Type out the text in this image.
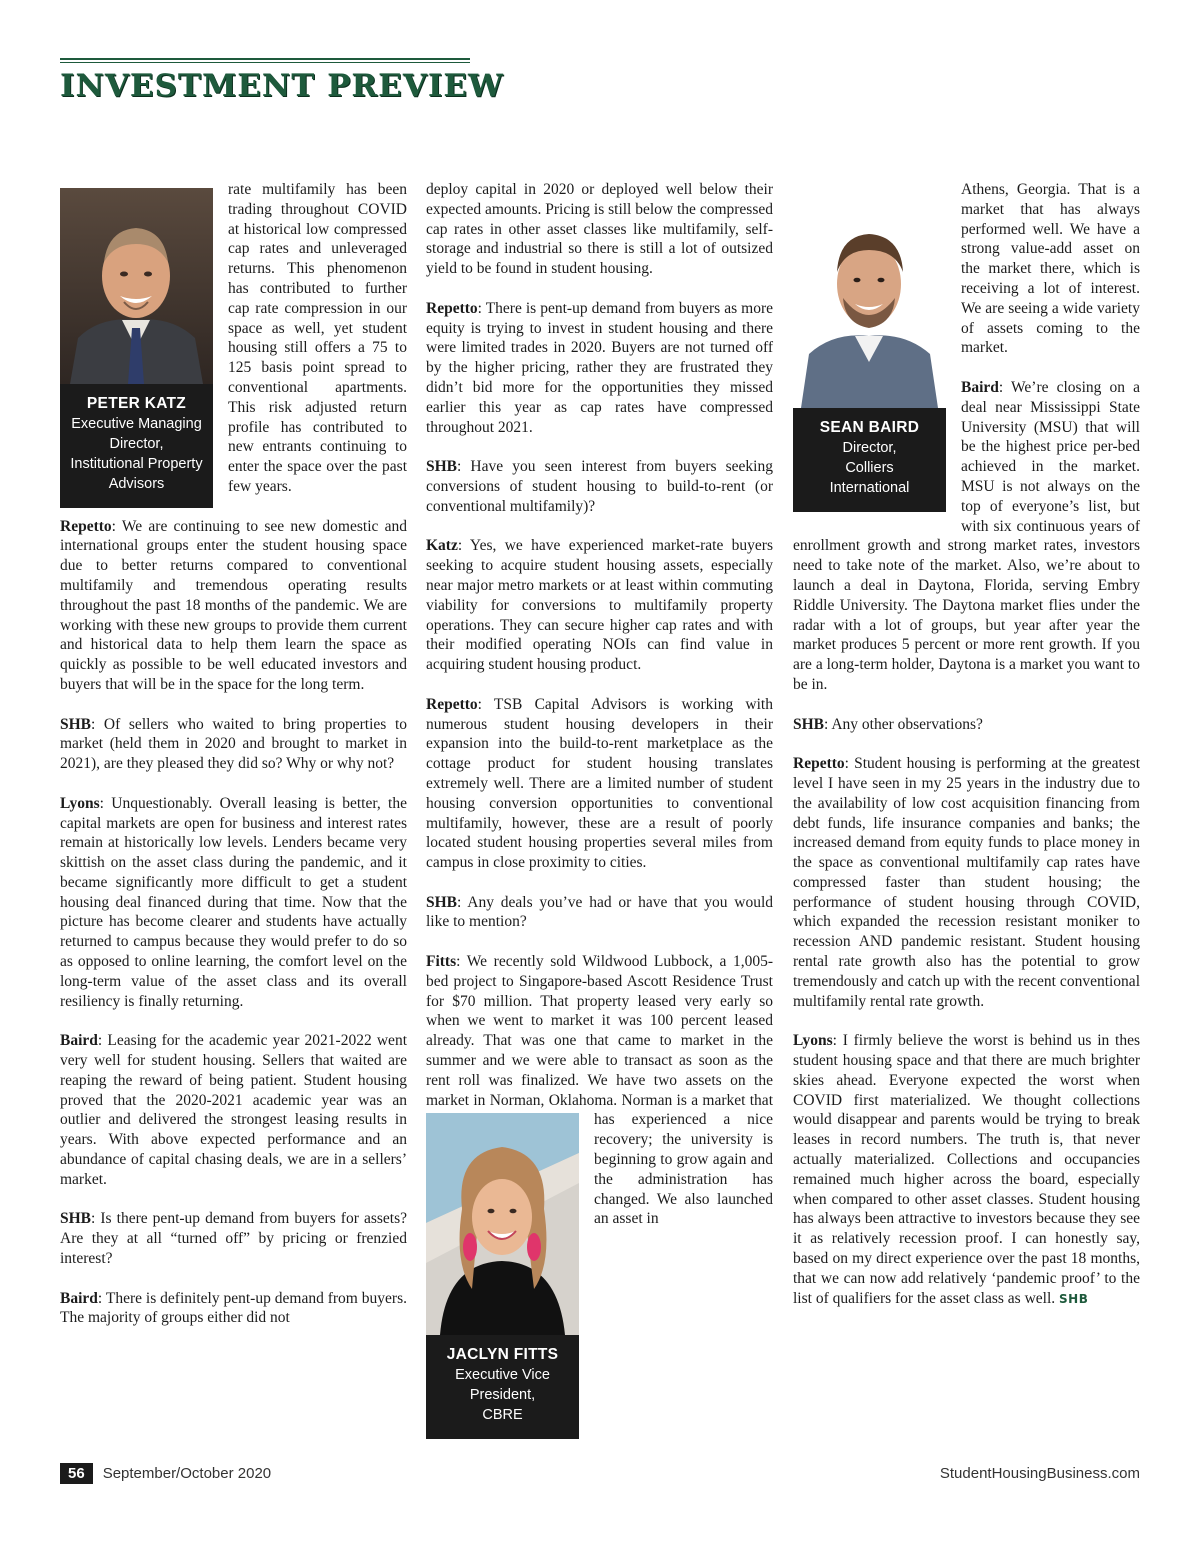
INVESTMENT PREVIEW
PETER KATZ
Executive Managing
Director,
Institutional Property
Advisors

rate multifamily has been trading throughout COVID at historical low compressed cap rates and unleveraged returns. This phenomenon has contributed to further cap rate compression in our space as well, yet student housing still offers a 75 to 125 basis point spread to conventional apartments. This risk adjusted return profile has contributed to new entrants continuing to enter the space over the past few years.

Repetto: We are continuing to see new domestic and international groups enter the student housing space due to better returns compared to conventional multifamily and tremendous operating results throughout the past 18 months of the pandemic. We are working with these new groups to provide them current and historical data to help them learn the space as quickly as possible to be well educated investors and buyers that will be in the space for the long term.

SHB: Of sellers who waited to bring properties to market (held them in 2020 and brought to market in 2021), are they pleased they did so? Why or why not?

Lyons: Unquestionably. Overall leasing is better, the capital markets are open for business and interest rates remain at historically low levels. Lenders became very skittish on the asset class during the pandemic, and it became significantly more difficult to get a student housing deal financed during that time. Now that the picture has become clearer and students have actually returned to campus because they would prefer to do so as opposed to online learning, the comfort level on the long-term value of the asset class and its overall resiliency is finally returning.

Baird: Leasing for the academic year 2021-2022 went very well for student housing. Sellers that waited are reaping the reward of being patient. Student housing proved that the 2020-2021 academic year was an outlier and delivered the strongest leasing results in years. With above expected performance and an abundance of capital chasing deals, we are in a sellers’ market.

SHB: Is there pent-up demand from buyers for assets? Are they at all “turned off” by pricing or frenzied interest?

Baird: There is definitely pent-up demand from buyers. The majority of groups either did not

deploy capital in 2020 or deployed well below their expected amounts. Pricing is still below the compressed cap rates in other asset classes like multifamily, self-storage and industrial so there is still a lot of outsized yield to be found in student housing.

Repetto: There is pent-up demand from buyers as more equity is trying to invest in student housing and there were limited trades in 2020. Buyers are not turned off by the higher pricing, rather they are frustrated they didn’t bid more for the opportunities they missed earlier this year as cap rates have compressed throughout 2021.

SHB: Have you seen interest from buyers seeking conversions of student housing to build-to-rent (or conventional multifamily)?

Katz: Yes, we have experienced market-rate buyers seeking to acquire student housing assets, especially near major metro markets or at least within commuting viability for conversions to multifamily property operations. They can secure higher cap rates and with their modified operating NOIs can find value in acquiring student housing product.

Repetto: TSB Capital Advisors is working with numerous student housing developers in their expansion into the build-to-rent marketplace as the cottage product for student housing translates extremely well. There are a limited number of student housing conversion opportunities to conventional multifamily, however, these are a result of poorly located student housing properties several miles from campus in close proximity to cities.

SHB: Any deals you’ve had or have that you would like to mention?

Fitts: We recently sold Wildwood Lubbock, a 1,005-bed project to Singapore-based Ascott Residence Trust for $70 million. That property leased very early so when we went to market it was 100 percent leased already. That was one that came to market in the summer and we were able to transact as soon as the rent roll was finalized. We have two assets on the market in Norman, Oklahoma. Norman is a market that has experienced a nice recovery; the university is beginning to grow again and the administration has changed. We also launched an asset in

JACLYN FITTS
Executive Vice
President,
CBRE
SEAN BAIRD
Director,
Colliers
International

Athens, Georgia. That is a market that has always performed well. We have a strong value-add asset on the market there, which is receiving a lot of interest. We are seeing a wide variety of assets coming to the market.

Baird: We’re closing on a deal near Mississippi State University (MSU) that will be the highest price per-bed achieved in the market. MSU is not always on the top of everyone’s list, but with six continuous years of enrollment growth and strong market rates, investors need to take note of the market. Also, we’re about to launch a deal in Daytona, Florida, serving Embry Riddle University. The Daytona market flies under the radar with a lot of groups, but year after year the market produces 5 percent or more rent growth. If you are a long-term holder, Daytona is a market you want to be in.

SHB: Any other observations?

Repetto: Student housing is performing at the greatest level I have seen in my 25 years in the industry due to the availability of low cost acquisition financing from debt funds, life insurance companies and banks; the increased demand from equity funds to place money in the space as conventional multifamily cap rates have compressed faster than student housing; the performance of student housing through COVID, which expanded the recession resistant moniker to recession AND pandemic resistant. Student housing rental rate growth also has the potential to grow tremendously and catch up with the recent conventional multifamily rental rate growth.

Lyons: I firmly believe the worst is behind us in thes student housing space and that there are much brighter skies ahead. Everyone expected the worst when COVID first materialized. We thought collections would disappear and parents would be trying to break leases in record numbers. The truth is, that never actually materialized. Collections and occupancies remained much higher across the board, especially when compared to other asset classes. Student housing has always been attractive to investors because they see it as relatively recession proof. I can honestly say, based on my direct experience over the past 18 months, that we can now add relatively ‘pandemic proof’ to the list of qualifiers for the asset class as well. SHB

56	September/October 2020	StudentHousingBusiness.com
